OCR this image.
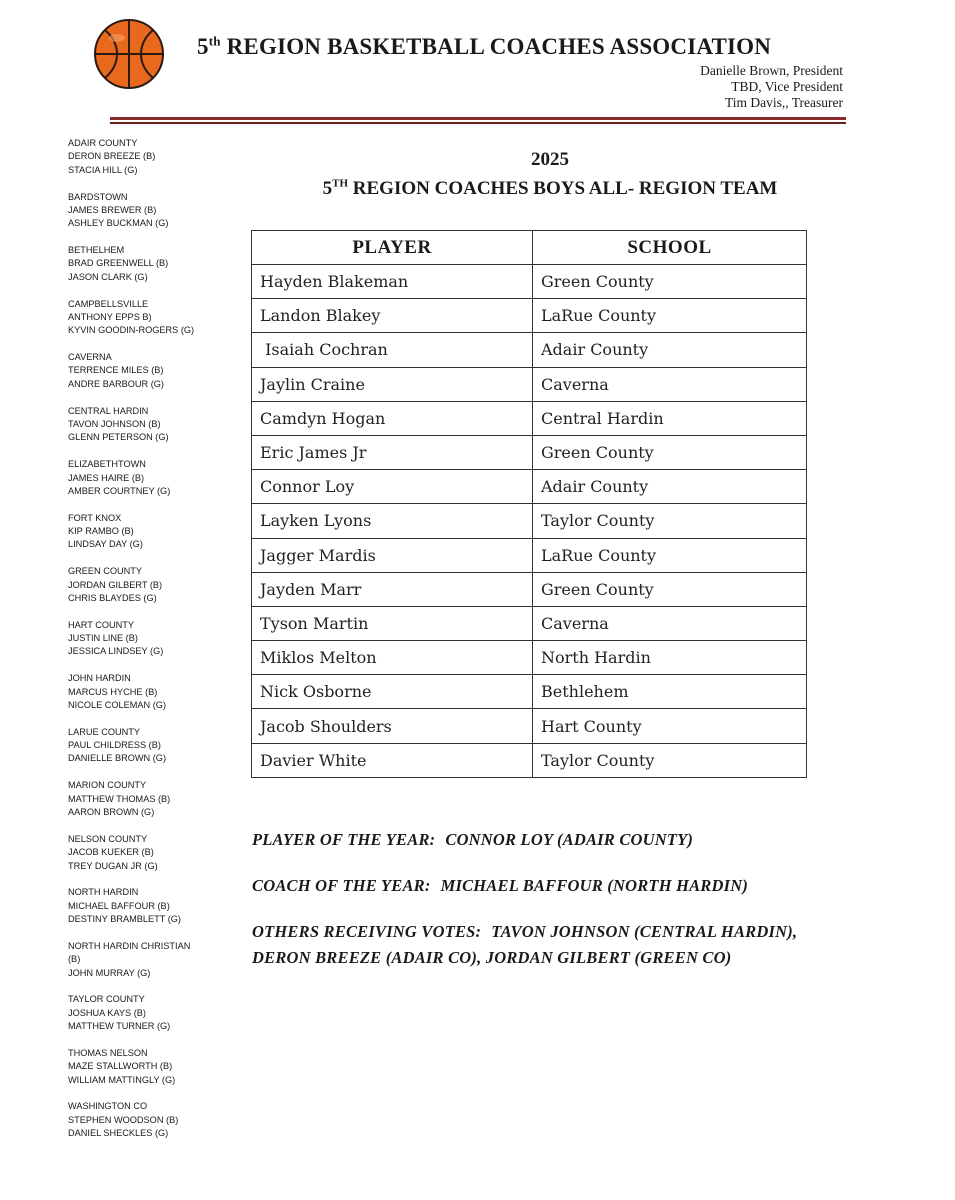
5th REGION BASKETBALL COACHES ASSOCIATION
Danielle Brown, President
TBD, Vice President
Tim Davis,, Treasurer
ADAIR COUNTY
DERON BREEZE (B)
STACIA HILL (G)
BARDSTOWN
JAMES BREWER (B)
ASHLEY BUCKMAN (G)
BETHELHEM
BRAD GREENWELL (B)
JASON CLARK (G)
CAMPBELLSVILLE
ANTHONY EPPS B)
KYVIN GOODIN-ROGERS (G)
CAVERNA
TERRENCE MILES (B)
ANDRE BARBOUR (G)
CENTRAL HARDIN
TAVON JOHNSON (B)
GLENN PETERSON (G)
ELIZABETHTOWN
JAMES HAIRE (B)
AMBER COURTNEY (G)
FORT KNOX
KIP RAMBO (B)
LINDSAY DAY (G)
GREEN COUNTY
JORDAN GILBERT (B)
CHRIS BLAYDES (G)
HART COUNTY
JUSTIN LINE (B)
JESSICA LINDSEY (G)
JOHN HARDIN
MARCUS HYCHE (B)
NICOLE COLEMAN (G)
LARUE COUNTY
PAUL CHILDRESS (B)
DANIELLE BROWN (G)
MARION COUNTY
MATTHEW THOMAS (B)
AARON BROWN (G)
NELSON COUNTY
JACOB KUEKER (B)
TREY DUGAN JR (G)
NORTH HARDIN
MICHAEL BAFFOUR (B)
DESTINY BRAMBLETT (G)
NORTH HARDIN CHRISTIAN
(B)
JOHN MURRAY (G)
TAYLOR COUNTY
JOSHUA KAYS (B)
MATTHEW TURNER (G)
THOMAS NELSON
MAZE STALLWORTH (B)
WILLIAM MATTINGLY (G)
WASHINGTON CO
STEPHEN WOODSON (B)
DANIEL SHECKLES (G)
2025
5TH REGION COACHES BOYS ALL- REGION TEAM
PLAYER	SCHOOL
Hayden Blakeman	Green County
Landon Blakey	LaRue County
Isaiah Cochran	Adair County
Jaylin Craine	Caverna
Camdyn Hogan	Central Hardin
Eric James Jr	Green County
Connor Loy	Adair County
Layken Lyons	Taylor County
Jagger Mardis	LaRue County
Jayden Marr	Green County
Tyson Martin	Caverna
Miklos Melton	North Hardin
Nick Osborne	Bethlehem
Jacob Shoulders	Hart County
Davier White	Taylor County
PLAYER OF THE YEAR: CONNOR LOY (ADAIR COUNTY)
COACH OF THE YEAR: MICHAEL BAFFOUR (NORTH HARDIN)
OTHERS RECEIVING VOTES: TAVON JOHNSON (CENTRAL HARDIN),
DERON BREEZE (ADAIR CO), JORDAN GILBERT (GREEN CO)
